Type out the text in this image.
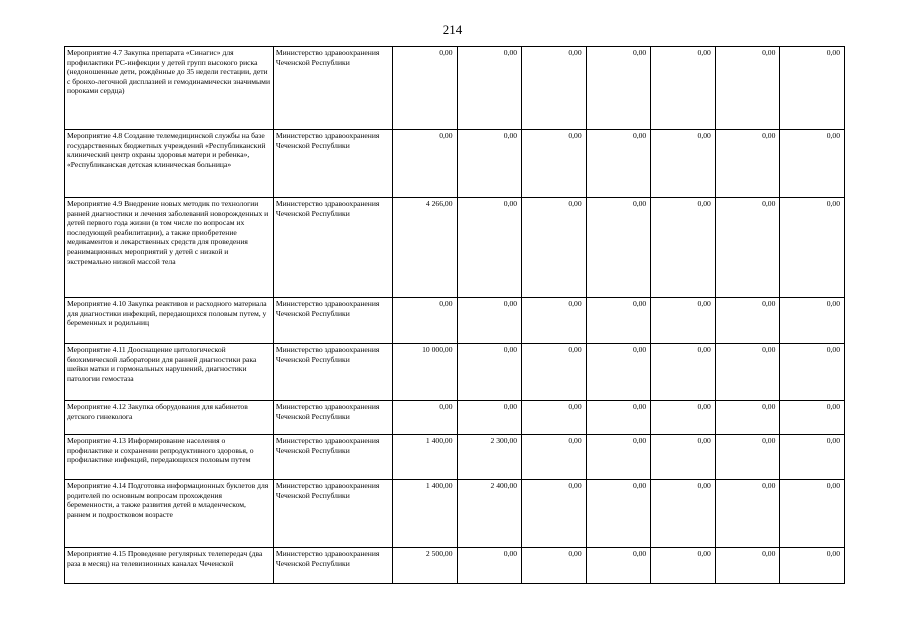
214
Мероприятие 4.7 Закупка препарата «Синагис» для профилактики РС-инфекции у детей групп высокого риска (недоношенные дети, рождённые до 35 недели гестации, дети с бронхо-легочной дисплазией и гемодинамически значимыми пороками сердца)	Министерство здравоохранения Чеченской Республики	0,00	0,00	0,00	0,00	0,00	0,00	0,00
Мероприятие 4.8 Создание телемедицинской службы на базе государственных бюджетных учреждений «Республиканский клинический центр охраны здоровья матери и ребенка», «Республиканская детская клиническая больница»	Министерство здравоохранения Чеченской Республики	0,00	0,00	0,00	0,00	0,00	0,00	0,00
Мероприятие 4.9 Внедрение новых методик по технологии ранней диагностики и лечения заболеваний новорожденных и детей первого года жизни (в том числе по вопросам их последующей реабилитации), а также приобретение медикаментов и лекарственных средств для проведения реанимационных мероприятий у детей с низкой и экстремально низкой массой тела	Министерство здравоохранения Чеченской Республики	4 266,00	0,00	0,00	0,00	0,00	0,00	0,00
Мероприятие 4.10 Закупка реактивов и расходного материала для диагностики инфекций, передающихся половым путем, у беременных и родильниц	Министерство здравоохранения Чеченской Республики	0,00	0,00	0,00	0,00	0,00	0,00	0,00
Мероприятие 4.11 Дооснащение цитологической биохимической лаборатории для ранней диагностики рака шейки матки и гормональных нарушений, диагностики патологии гемостаза	Министерство здравоохранения Чеченской Республики	10 000,00	0,00	0,00	0,00	0,00	0,00	0,00
Мероприятие 4.12 Закупка оборудования для кабинетов детского гинеколога	Министерство здравоохранения Чеченской Республики	0,00	0,00	0,00	0,00	0,00	0,00	0,00
Мероприятие 4.13 Информирование населения о профилактике и сохранении репродуктивного здоровья, о профилактике инфекций, передающихся половым путем	Министерство здравоохранения Чеченской Республики	1 400,00	2 300,00	0,00	0,00	0,00	0,00	0,00
Мероприятие 4.14 Подготовка информационных буклетов для родителей по основным вопросам прохождения беременности, а также развития детей в младенческом, раннем и подростковом возрасте	Министерство здравоохранения Чеченской Республики	1 400,00	2 400,00	0,00	0,00	0,00	0,00	0,00
Мероприятие 4.15 Проведение регулярных телепередач (два раза в месяц) на телевизионных каналах Чеченской	Министерство здравоохранения Чеченской Республики	2 500,00	0,00	0,00	0,00	0,00	0,00	0,00
